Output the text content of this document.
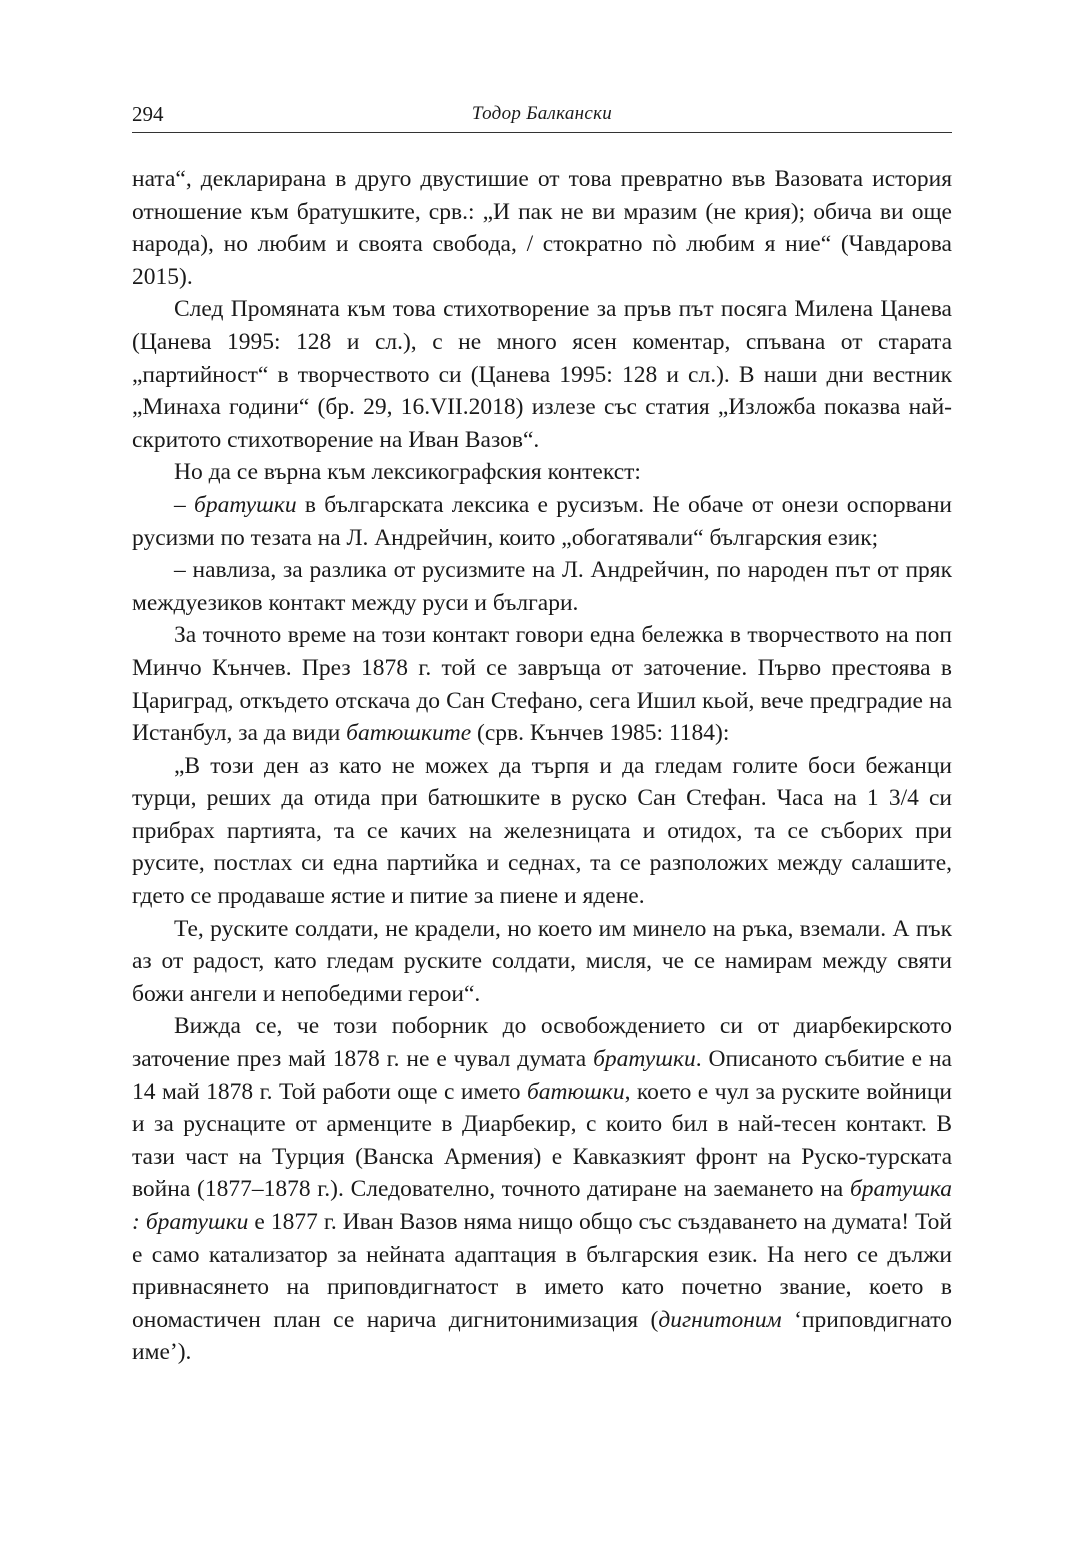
294	Тодор Балкански

ната“, декларирана в друго двустишие от това превратно във Вазовата история отношение към братушките, срв.: „И пак не ви мразим (не крия); обича ви още народа), но любим и своята свобода, / стократно пò любим я ние“ (Чавдарова 2015).

След Промяната към това стихотворение за пръв път посяга Милена Цанева (Цанева 1995: 128 и сл.), с не много ясен коментар, спъвана от старата „партийност“ в творчеството си (Цанева 1995: 128 и сл.). В наши дни вестник „Минаха години“ (бр. 29, 16.VII.2018) излезе със статия „Изложба показва най-скритото стихотворение на Иван Вазов“.

Но да се върна към лексикографския контекст:

– братушки в българската лексика е русизъм. Не обаче от онези оспорвани русизми по тезата на Л. Андрейчин, които „обогатявали“ българския език;

– навлиза, за разлика от русизмите на Л. Андрейчин, по народен път от пряк междуезиков контакт между руси и българи.

За точното време на този контакт говори една бележка в творчеството на поп Минчо Кънчев. През 1878 г. той се завръща от заточение. Първо престоява в Цариград, откъдето отскача до Сан Стефано, сега Ишил кьой, вече предградие на Истанбул, за да види батюшките (срв. Кънчев 1985: 1184):

„В този ден аз като не можех да търпя и да гледам голите боси бежанци турци, реших да отида при батюшките в руско Сан Стефан. Часа на 1 3/4 си прибрах партията, та се качих на железницата и отидох, та се съборих при русите, постлах си една партийка и седнах, та се разположих между салашите, гдето се продаваше ястие и питие за пиене и ядене.

Те, руските солдати, не крадели, но което им минело на ръка, вземали. А пък аз от радост, като гледам руските солдати, мисля, че се намирам между святи божи ангели и непобедими герои“.

Вижда се, че този поборник до освобождението си от диарбекирското заточение през май 1878 г. не е чувал думата братушки. Описаното събитие е на 14 май 1878 г. Той работи още с името батюшки, което е чул за руските войници и за руснаците от арменците в Диарбекир, с които бил в най-тесен контакт. В тази част на Турция (Ванска Армения) е Кавказкият фронт на Руско-турската война (1877–1878 г.). Следователно, точното датиране на заемането на братушка : братушки е 1877 г. Иван Вазов няма нищо общо със създаването на думата! Той е само катализатор за нейната адаптация в българския език. На него се дължи привнасянето на приповдигнатост в името като почетно звание, което в ономастичен план се нарича дигнитонимизация (дигнитоним ‘приповдигнато име’).
